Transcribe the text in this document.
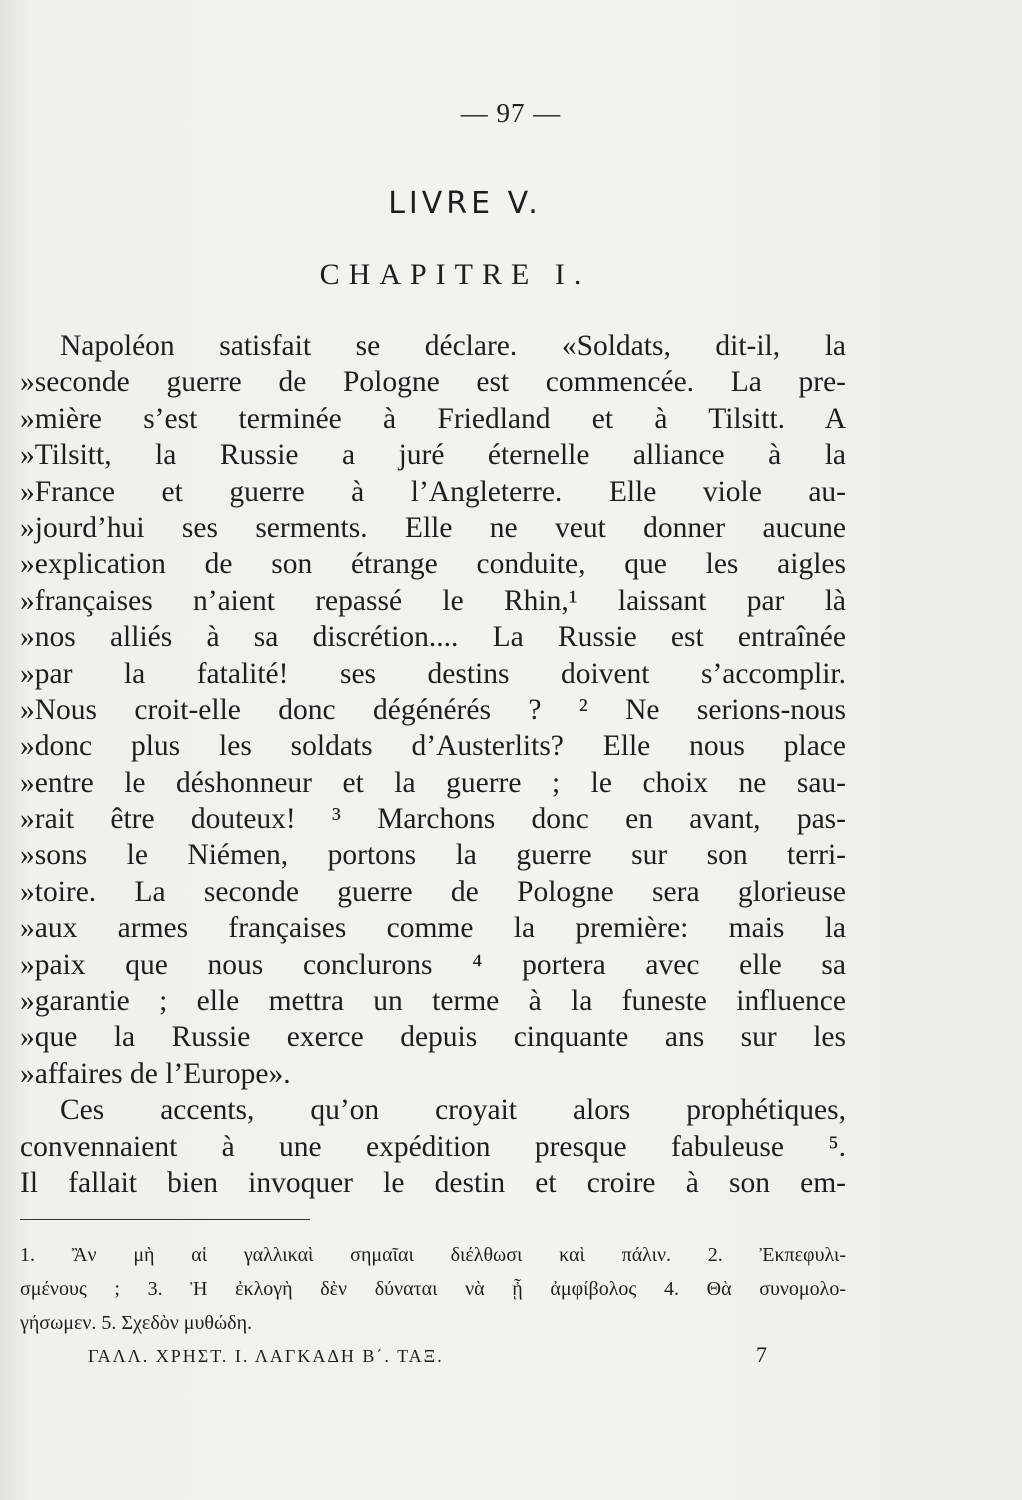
— 97 —
LIVRE V.
CHAPITRE I.
Napoléon satisfait se déclare. «Soldats, dit-il, la
»seconde guerre de Pologne est commencée. La pre-
»mière s’est terminée à Friedland et à Tilsitt. A
»Tilsitt, la Russie a juré éternelle alliance à la
»France et guerre à l’Angleterre. Elle viole au-
»jourd’hui ses serments. Elle ne veut donner aucune
»explication de son étrange conduite, que les aigles
»françaises n’aient repassé le Rhin,¹ laissant par là
»nos alliés à sa discrétion.... La Russie est entraînée
»par la fatalité! ses destins doivent s’accomplir.
»Nous croit-elle donc dégénérés ? ² Ne serions-nous
»donc plus les soldats d’Austerlits? Elle nous place
»entre le déshonneur et la guerre ; le choix ne sau-
»rait être douteux! ³ Marchons donc en avant, pas-
»sons le Niémen, portons la guerre sur son terri-
»toire. La seconde guerre de Pologne sera glorieuse
»aux armes françaises comme la première: mais la
»paix que nous conclurons ⁴ portera avec elle sa
»garantie ; elle mettra un terme à la funeste influence
»que la Russie exerce depuis cinquante ans sur les
»affaires de l’Europe».
Ces accents, qu’on croyait alors prophétiques,
convennaient à une expédition presque fabuleuse ⁵.
Il fallait bien invoquer le destin et croire à son em-
1. Ἂν μὴ αἱ γαλλικαὶ σημαῖαι διέλθωσι καὶ πάλιν. 2. Ἐκπεφυλι-
σμένους ; 3. Ἡ ἐκλογὴ δὲν δύναται νὰ ᾖ ἀμφίβολος 4. Θὰ συνομολο-
γήσωμεν. 5. Σχεδὸν μυθώδη.
ΓΑΛΛ. ΧΡΗΣΤ. Ι. ΛΑΓΚΑΔΗ Β΄. ΤΑΞ.	7
